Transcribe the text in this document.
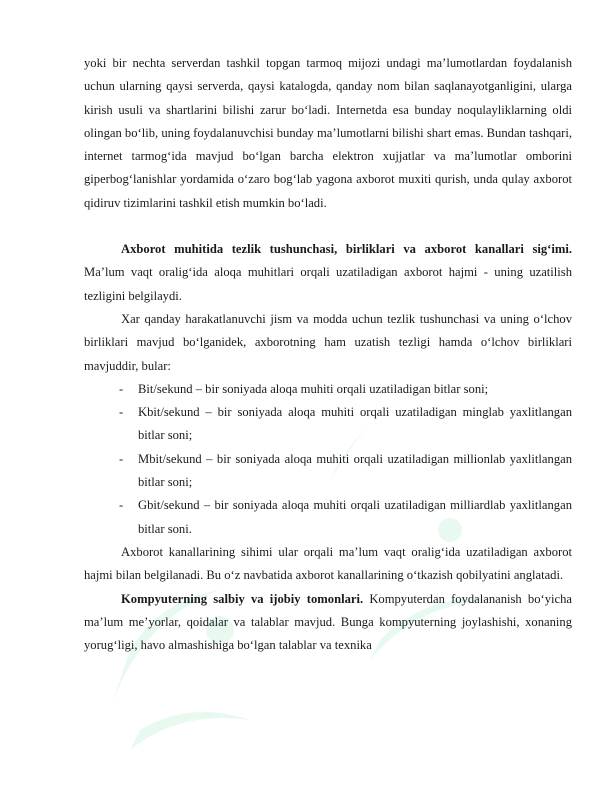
yoki bir nechta serverdan tashkil topgan tarmoq mijozi undagi ma’lumotlardan foydalanish uchun ularning qaysi serverda, qaysi katalogda, qanday nom bilan saqlanayotganligini, ularga kirish usuli va shartlarini bilishi zarur bo‘ladi. Internetda esa bunday noqulayliklarning oldi olingan bo‘lib, uning foydalanuvchisi bunday ma’lumotlarni bilishi shart emas. Bundan tashqari, internet tarmog‘ida mavjud bo‘lgan barcha elektron xujjatlar va ma’lumotlar omborini giperbog‘lanishlar yordamida o‘zaro bog‘lab yagona axborot muxiti qurish, unda qulay axborot qidiruv tizimlarini tashkil etish mumkin bo‘ladi.

Axborot muhitida tezlik tushunchasi, birliklari va axborot kanallari sig‘imi. Ma’lum vaqt oralig‘ida aloqa muhitlari orqali uzatiladigan axborot hajmi - uning uzatilish tezligini belgilaydi.

Xar qanday harakatlanuvchi jism va modda uchun tezlik tushunchasi va uning o‘lchov birliklari mavjud bo‘lganidek, axborotning ham uzatish tezligi hamda o‘lchov birliklari mavjuddir, bular:

- Bit/sekund – bir soniyada aloqa muhiti orqali uzatiladigan bitlar soni;
- Kbit/sekund – bir soniyada aloqa muhiti orqali uzatiladigan minglab yaxlitlangan bitlar soni;
- Mbit/sekund – bir soniyada aloqa muhiti orqali uzatiladigan millionlab yaxlitlangan bitlar soni;
- Gbit/sekund – bir soniyada aloqa muhiti orqali uzatiladigan milliardlab yaxlitlangan bitlar soni.

Axborot kanallarining sihimi ular orqali ma’lum vaqt oralig‘ida uzatiladigan axborot hajmi bilan belgilanadi. Bu o‘z navbatida axborot kanallarining o‘tkazish qobilyatini anglatadi.

Kompyuterning salbiy va ijobiy tomonlari. Kompyuterdan foydalananish bo‘yicha ma’lum me’yorlar, qoidalar va talablar mavjud. Bunga kompyuterning joylashishi, xonaning yorug‘ligi, havo almashishiga bo‘lgan talablar va texnika
